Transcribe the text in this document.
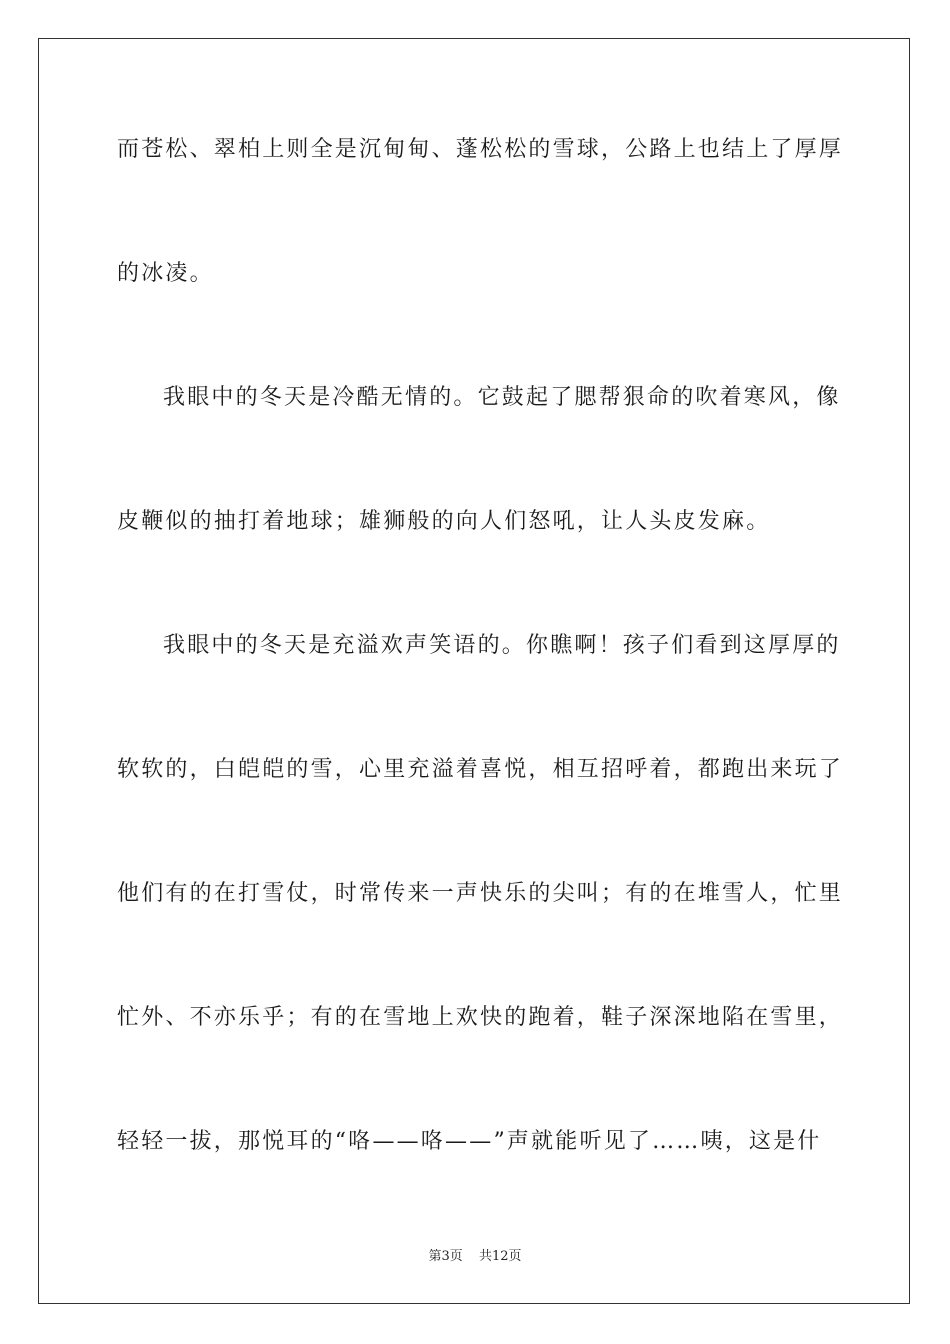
而苍松、翠柏上则全是沉甸甸、蓬松松的雪球，公路上也结上了厚厚
的冰凌。
我眼中的冬天是冷酷无情的。它鼓起了腮帮狠命的吹着寒风，像
皮鞭似的抽打着地球；雄狮般的向人们怒吼，让人头皮发麻。
我眼中的冬天是充溢欢声笑语的。你瞧啊！孩子们看到这厚厚的
软软的，白皑皑的雪，心里充溢着喜悦，相互招呼着，都跑出来玩了
他们有的在打雪仗，时常传来一声快乐的尖叫；有的在堆雪人，忙里
忙外、不亦乐乎；有的在雪地上欢快的跑着，鞋子深深地陷在雪里，
轻轻一拔，那悦耳的“咯——咯——”声就能听见了……咦，这是什
第3页 共12页
